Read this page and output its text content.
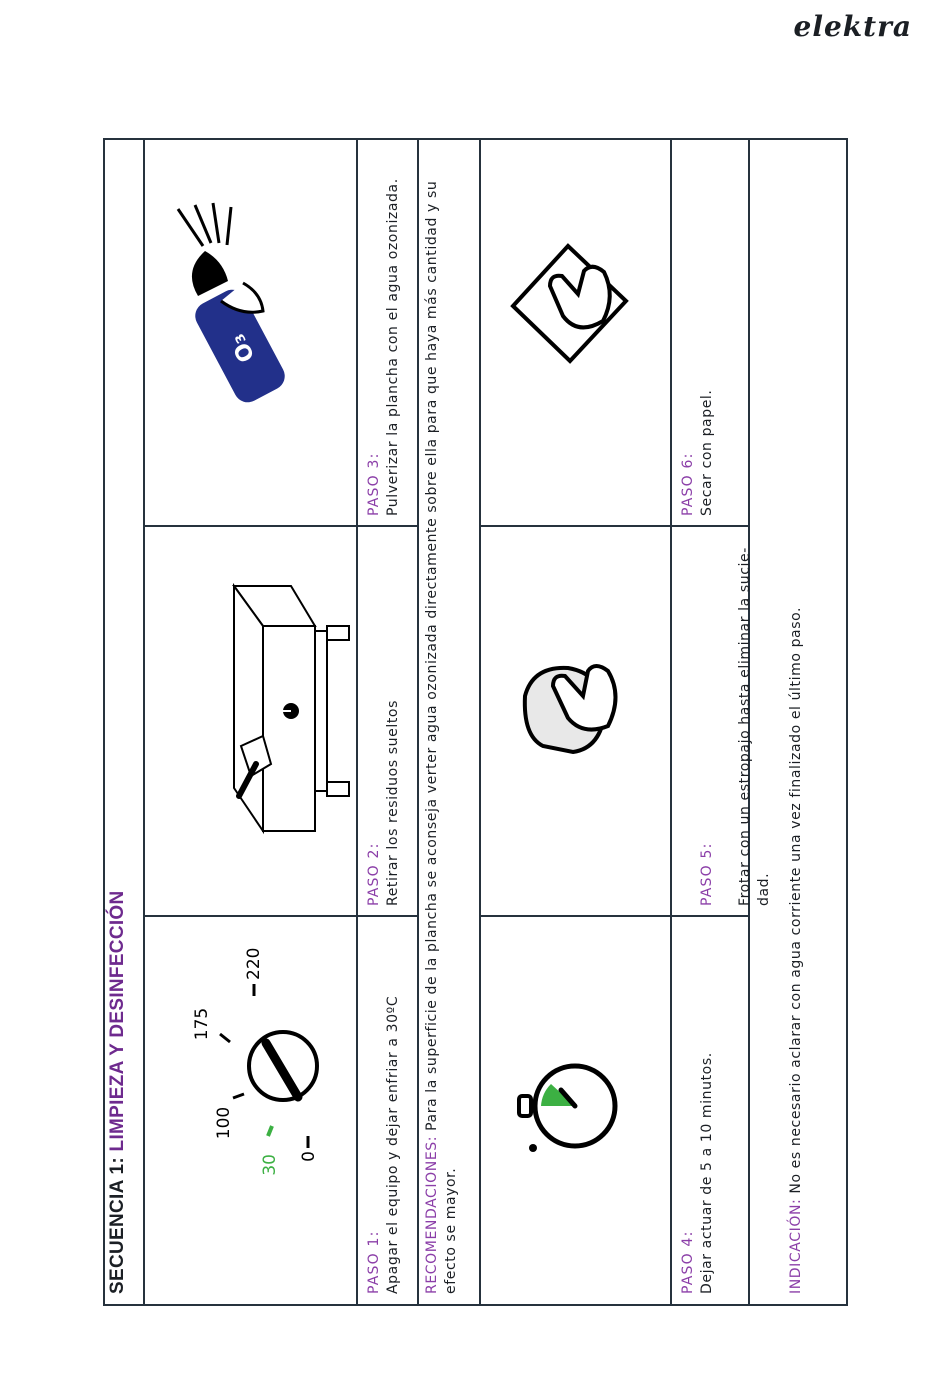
elektra
SECUENCIA 1: LIMPIEZA Y DESINFECCIÓN
0
30
100
175
220
O₃
PASO 1: Apagar el equipo y dejar enfriar a 30ºC
PASO 2: Retirar los residuos sueltos
PASO 3: Pulverizar la plancha con el agua ozonizada.
RECOMENDACIONES: Para la superficie de la plancha se aconseja verter agua ozonizada directamente sobre ella para que haya más cantidad y su efecto se mayor.	PASO 4: Dejar actuar de 5 a 10 minutos.

PASO 5: Frotar con un estropajo hasta eliminar la sucie-
dad.

PASO 6: Secar con papel.
INDICACIÓN: No es necesario aclarar con agua corriente una vez finalizado el último paso.
